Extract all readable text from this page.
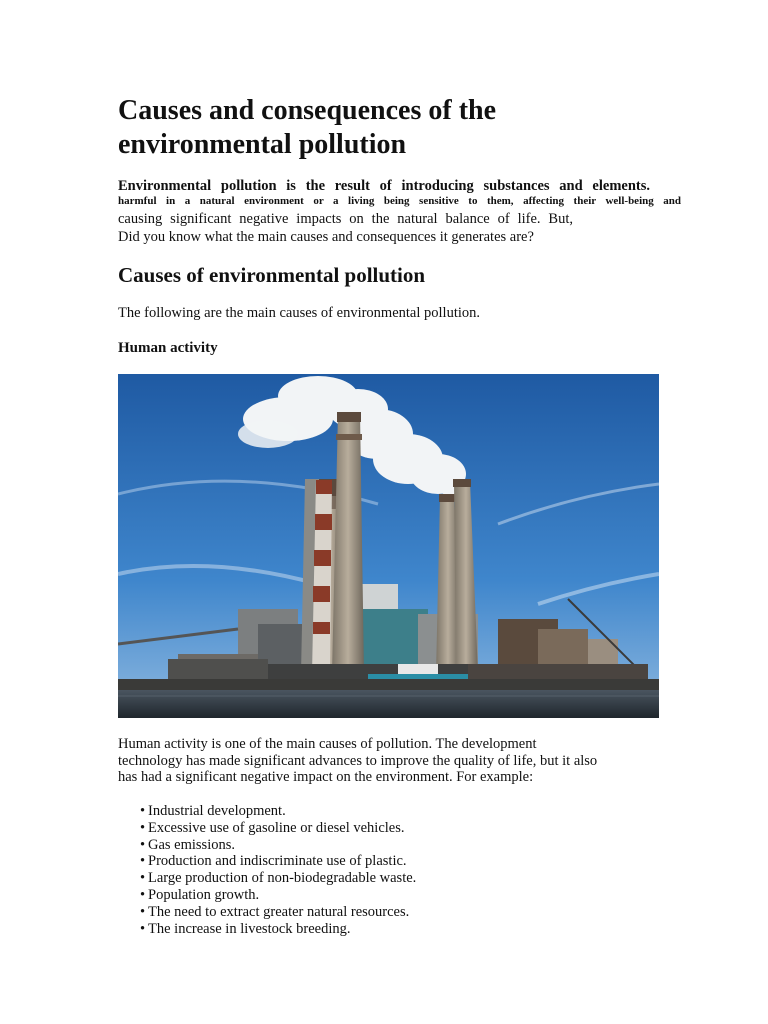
Causes and consequences of the
environmental pollution

Environmental pollution is the result of introducing substances and elements.

harmful in a natural environment or a living being sensitive to them, affecting their well-being and

causing significant negative impacts on the natural balance of life. But,

Did you know what the main causes and consequences it generates are?

Causes of environmental pollution

The following are the main causes of environmental pollution.

Human activity

Human activity is one of the main causes of pollution. The development
technology has made significant advances to improve the quality of life, but it also
has had a significant negative impact on the environment. For example:

• Industrial development.
• Excessive use of gasoline or diesel vehicles.
• Gas emissions.
• Production and indiscriminate use of plastic.
• Large production of non-biodegradable waste.
• Population growth.
• The need to extract greater natural resources.
• The increase in livestock breeding.
